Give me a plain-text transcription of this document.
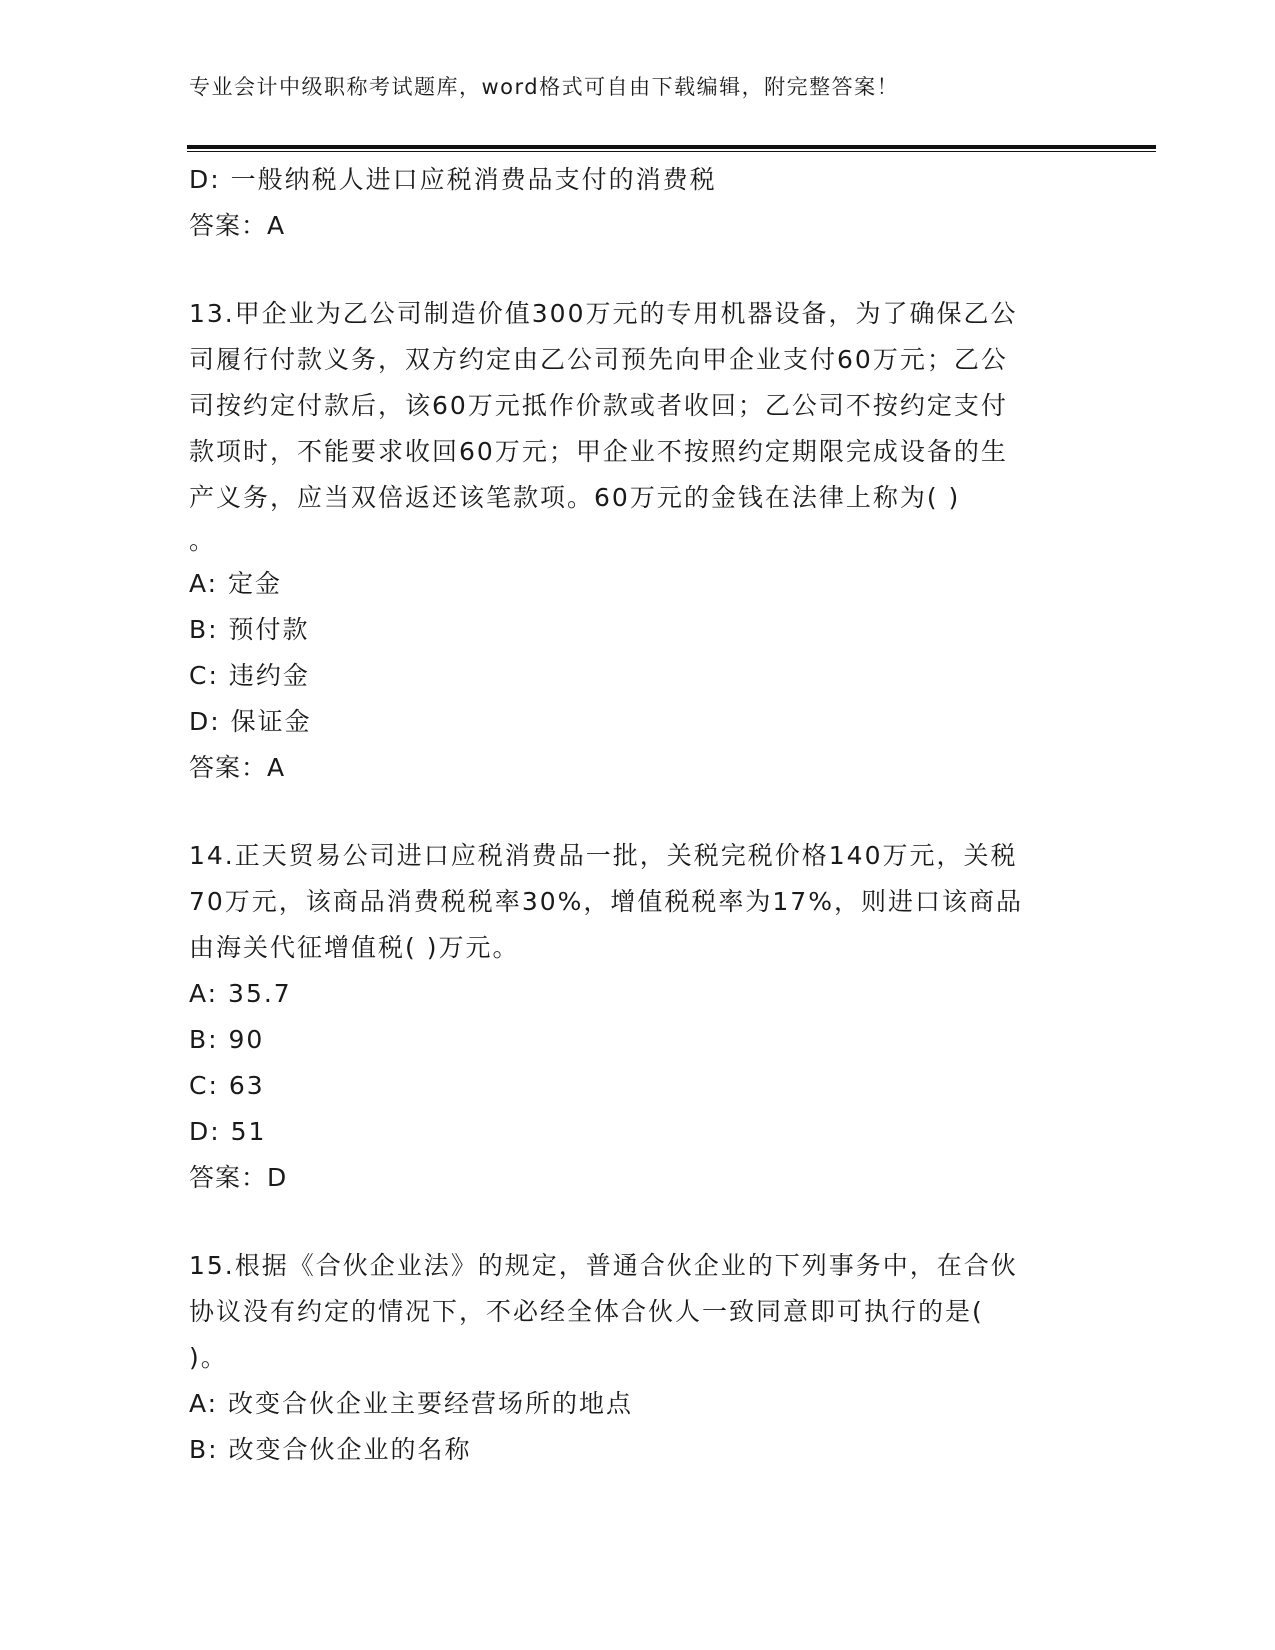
专业会计中级职称考试题库，word格式可自由下载编辑，附完整答案！
D: 一般纳税人进口应税消费品支付的消费税
答案：A
13.甲企业为乙公司制造价值300万元的专用机器设备，为了确保乙公
司履行付款义务，双方约定由乙公司预先向甲企业支付60万元；乙公
司按约定付款后，该60万元抵作价款或者收回；乙公司不按约定支付
款项时，不能要求收回60万元；甲企业不按照约定期限完成设备的生
产义务，应当双倍返还该笔款项。60万元的金钱在法律上称为( )
。
A: 定金
B: 预付款
C: 违约金
D: 保证金
答案：A
14.正天贸易公司进口应税消费品一批，关税完税价格140万元，关税
70万元，该商品消费税税率30%，增值税税率为17%，则进口该商品
由海关代征增值税( )万元。
A: 35.7
B: 90
C: 63
D: 51
答案：D
15.根据《合伙企业法》的规定，普通合伙企业的下列事务中，在合伙
协议没有约定的情况下，不必经全体合伙人一致同意即可执行的是(
)。
A: 改变合伙企业主要经营场所的地点
B: 改变合伙企业的名称
